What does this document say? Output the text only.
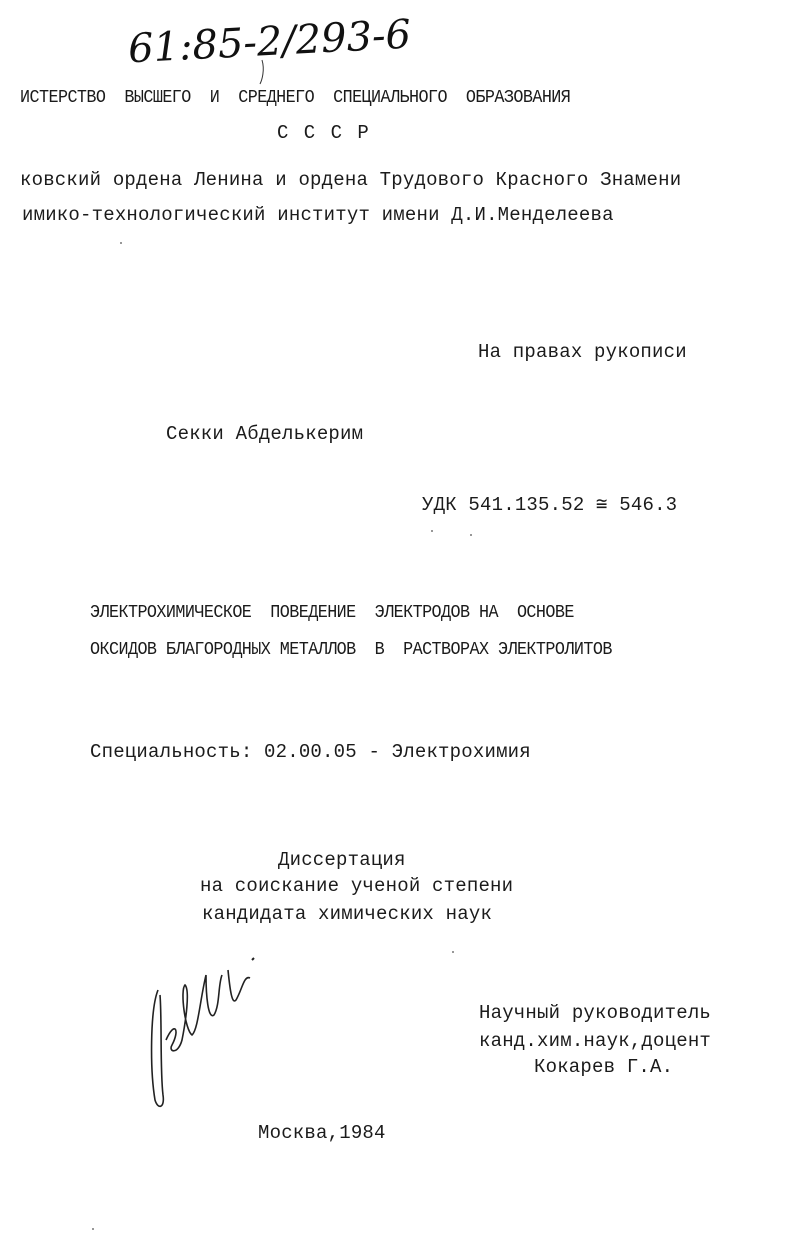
61:85-2/293-6
ИСТЕРСТВО  ВЫСШЕГО  И  СРЕДНЕГО  СПЕЦИАЛЬНОГО  ОБРАЗОВАНИЯ
С С С Р
ковский ордена Ленина и ордена Трудового Красного Знамени
имико-технологический институт имени Д.И.Менделеева
На правах рукописи
Секки Абделькерим
УДК 541.135.52 ≅ 546.3
ЭЛЕКТРОХИМИЧЕСКОЕ  ПОВЕДЕНИЕ  ЭЛЕКТРОДОВ НА  ОСНОВЕ
ОКСИДОВ БЛАГОРОДНЫХ МЕТАЛЛОВ  В  РАСТВОРАХ ЭЛЕКТРОЛИТОВ
Специальность: 02.00.05 - Электрохимия
Диссертация
на соискание ученой степени
кандидата химических наук
Научный руководитель
канд.хим.наук,доцент
Кокарев Г.А.
Москва,1984
